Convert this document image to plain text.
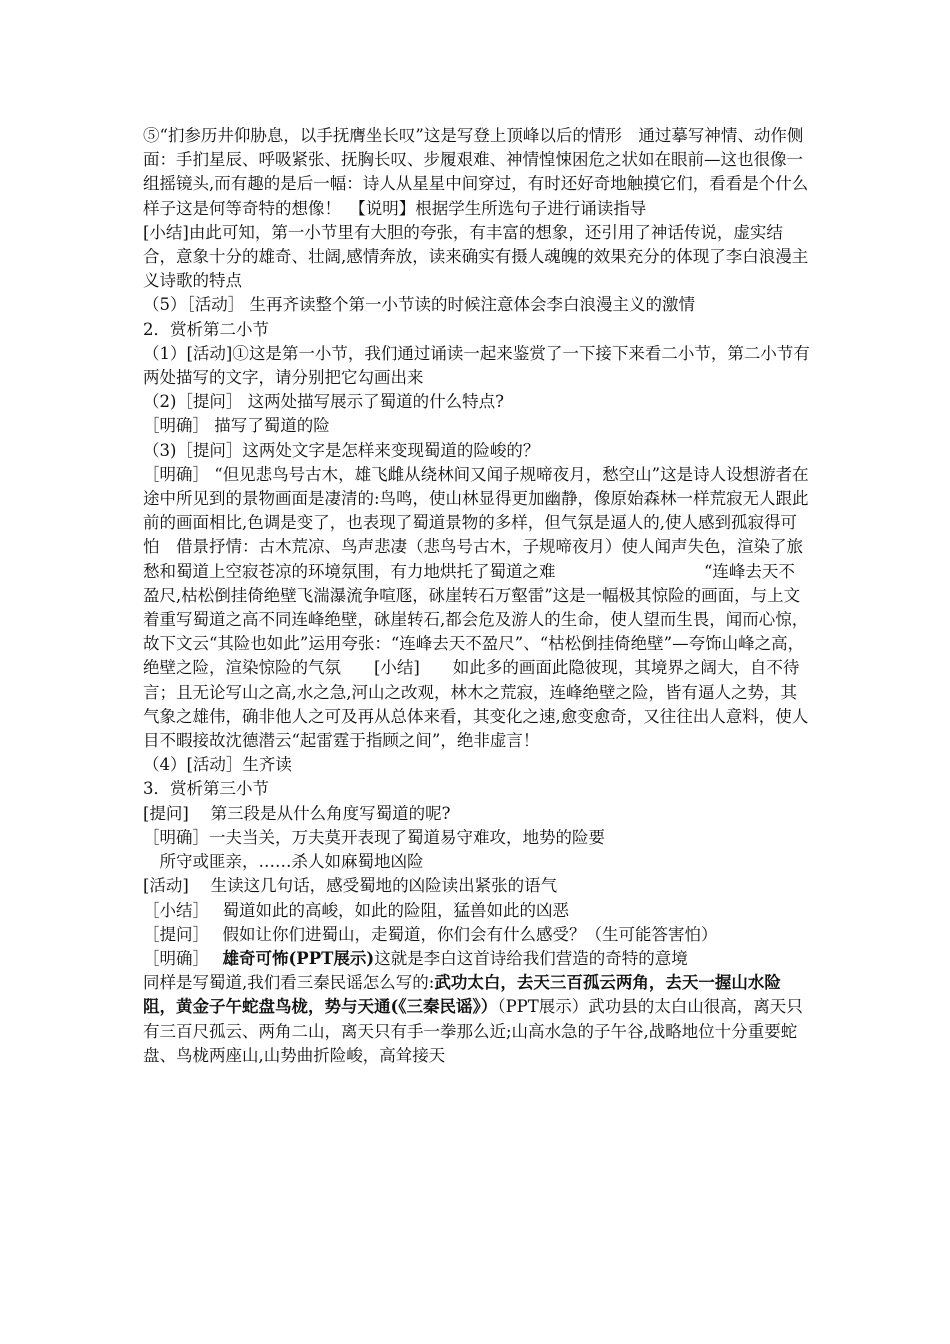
⑤“扪参历井仰胁息，以手抚膺坐长叹”这是写登上顶峰以后的情形　通过摹写神情、动作侧面：手扪星辰、呼吸紧张、抚胸长叹、步履艰难、神情惶悚困危之状如在眼前—这也很像一组摇镜头,而有趣的是后一幅：诗人从星星中间穿过，有时还好奇地触摸它们，看看是个什么样子这是何等奇特的想像！　【说明】根据学生所选句子进行诵读指导

[小结]由此可知，第一小节里有大胆的夸张，有丰富的想象，还引用了神话传说，虚实结合，意象十分的雄奇、壮阔,感情奔放，读来确实有摄人魂魄的效果充分的体现了李白浪漫主义诗歌的特点

（5）［活动］ 生再齐读整个第一小节读的时候注意体会李白浪漫主义的激情

2．赏析第二小节

（1）[活动]①这是第一小节，我们通过诵读一起来鉴赏了一下接下来看二小节，第二小节有两处描写的文字，请分别把它勾画出来

（2)［提问］ 这两处描写展示了蜀道的什么特点?

［明确］ 描写了蜀道的险

（3)［提问］这两处文字是怎样来变现蜀道的险峻的？

［明确］ “但见悲鸟号古木，雄飞雌从绕林间又闻子规啼夜月，愁空山”这是诗人设想游者在途中所见到的景物画面是凄清的:鸟鸣，使山林显得更加幽静，像原始森林一样荒寂无人跟此前的画面相比,色调是变了，也表现了蜀道景物的多样，但气氛是逼人的,使人感到孤寂得可怕　借景抒情：古木荒凉、鸟声悲凄（悲鸟号古木，子规啼夜月）使人闻声失色，渲染了旅愁和蜀道上空寂苍凉的环境氛围，有力地烘托了蜀道之难　　　　　　　　　“连峰去天不盈尺,枯松倒挂倚绝壁飞湍瀑流争喧豗，砯崖转石万壑雷”这是一幅极其惊险的画面，与上文着重写蜀道之高不同连峰绝壁，砯崖转石,都会危及游人的生命，使人望而生畏，闻而心惊，故下文云“其险也如此”运用夸张：“连峰去天不盈尺”、“枯松倒挂倚绝壁”—夸饰山峰之高，绝壁之险，渲染惊险的气氛　　[小结]　　如此多的画面此隐彼现，其境界之阔大，自不待言；且无论写山之高,水之急,河山之改观，林木之荒寂，连峰绝壁之险，皆有逼人之势，其气象之雄伟，确非他人之可及再从总体来看，其变化之速,愈变愈奇，又往往出人意料，使人目不暇接故沈德潜云“起雷霆于指顾之间”，绝非虚言！

（4）[活动］生齐读

3．赏析第三小节

[提问]　 第三段是从什么角度写蜀道的呢?

［明确］一夫当关，万夫莫开表现了蜀道易守难攻，地势的险要

　所守或匪亲，……杀人如麻蜀地凶险

[活动]　 生读这几句话，感受蜀地的凶险读出紧张的语气

［小结］　 蜀道如此的高峻，如此的险阻，猛兽如此的凶恶

［提问］　 假如让你们进蜀山，走蜀道，你们会有什么感受？（生可能答害怕）

［明确］　 雄奇可怖(PPT展示)这就是李白这首诗给我们营造的奇特的意境

同样是写蜀道,我们看三秦民谣怎么写的:武功太白，去天三百孤云两角，去天一握山水险阻，黄金子午蛇盘鸟栊，势与天通(《三秦民谣》）（PPT展示）武功县的太白山很高，离天只有三百尺孤云、两角二山，离天只有手一拳那么近;山高水急的子午谷,战略地位十分重要蛇盘、鸟栊两座山,山势曲折险峻，高耸接天
